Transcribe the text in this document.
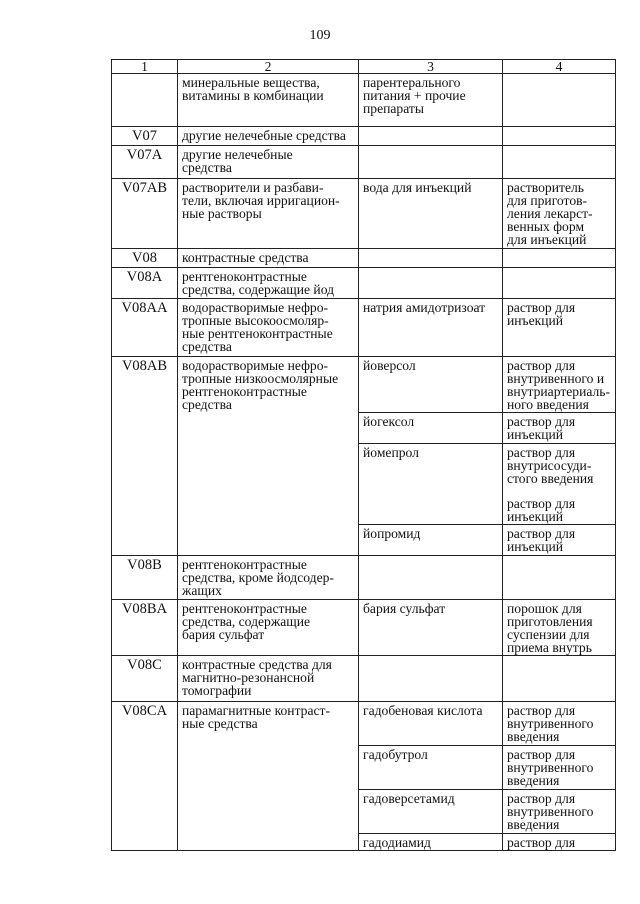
109
1	2	3	4
	минеральные вещества,
витамины в комбинации	парентерального
питания + прочие
препараты	
V07	другие нелечебные средства		
V07A	другие нелечебные
средства		
V07AB	растворители и разбави-
тели, включая ирригацион-
ные растворы	вода для инъекций	растворитель
для приготов-
ления лекарст-
венных форм
для инъекций
V08	контрастные средства		
V08A	рентгеноконтрастные
средства, содержащие йод		
V08AA	водорастворимые нефро-
тропные высокоосмоляр-
ные рентгеноконтрастные
средства	натрия амидотризоат	раствор для
инъекций
V08AB	водорастворимые нефро-
тропные низкоосмолярные
рентгеноконтрастные
средства	йоверсол	раствор для
внутривенного и
внутриартериаль-
ного введения
		йогексол	раствор для
инъекций
		йомепрол	раствор для
внутрисосуди-
стого введения
раствор для
инъекций

		йопромид	раствор для
инъекций
V08B	рентгеноконтрастные
средства, кроме йодсодер-
жащих		
V08BA	рентгеноконтрастные
средства, содержащие
бария сульфат	бария сульфат	порошок для
приготовления
суспензии для
приема внутрь
V08C	контрастные средства для
магнитно-резонансной
томографии		
V08CA	парамагнитные контраст-
ные средства	гадобеновая кислота	раствор для
внутривенного
введения
		гадобутрол	раствор для
внутривенного
введения
		гадоверсетамид	раствор для
внутривенного
введения
		гадодиамид	раствор для
